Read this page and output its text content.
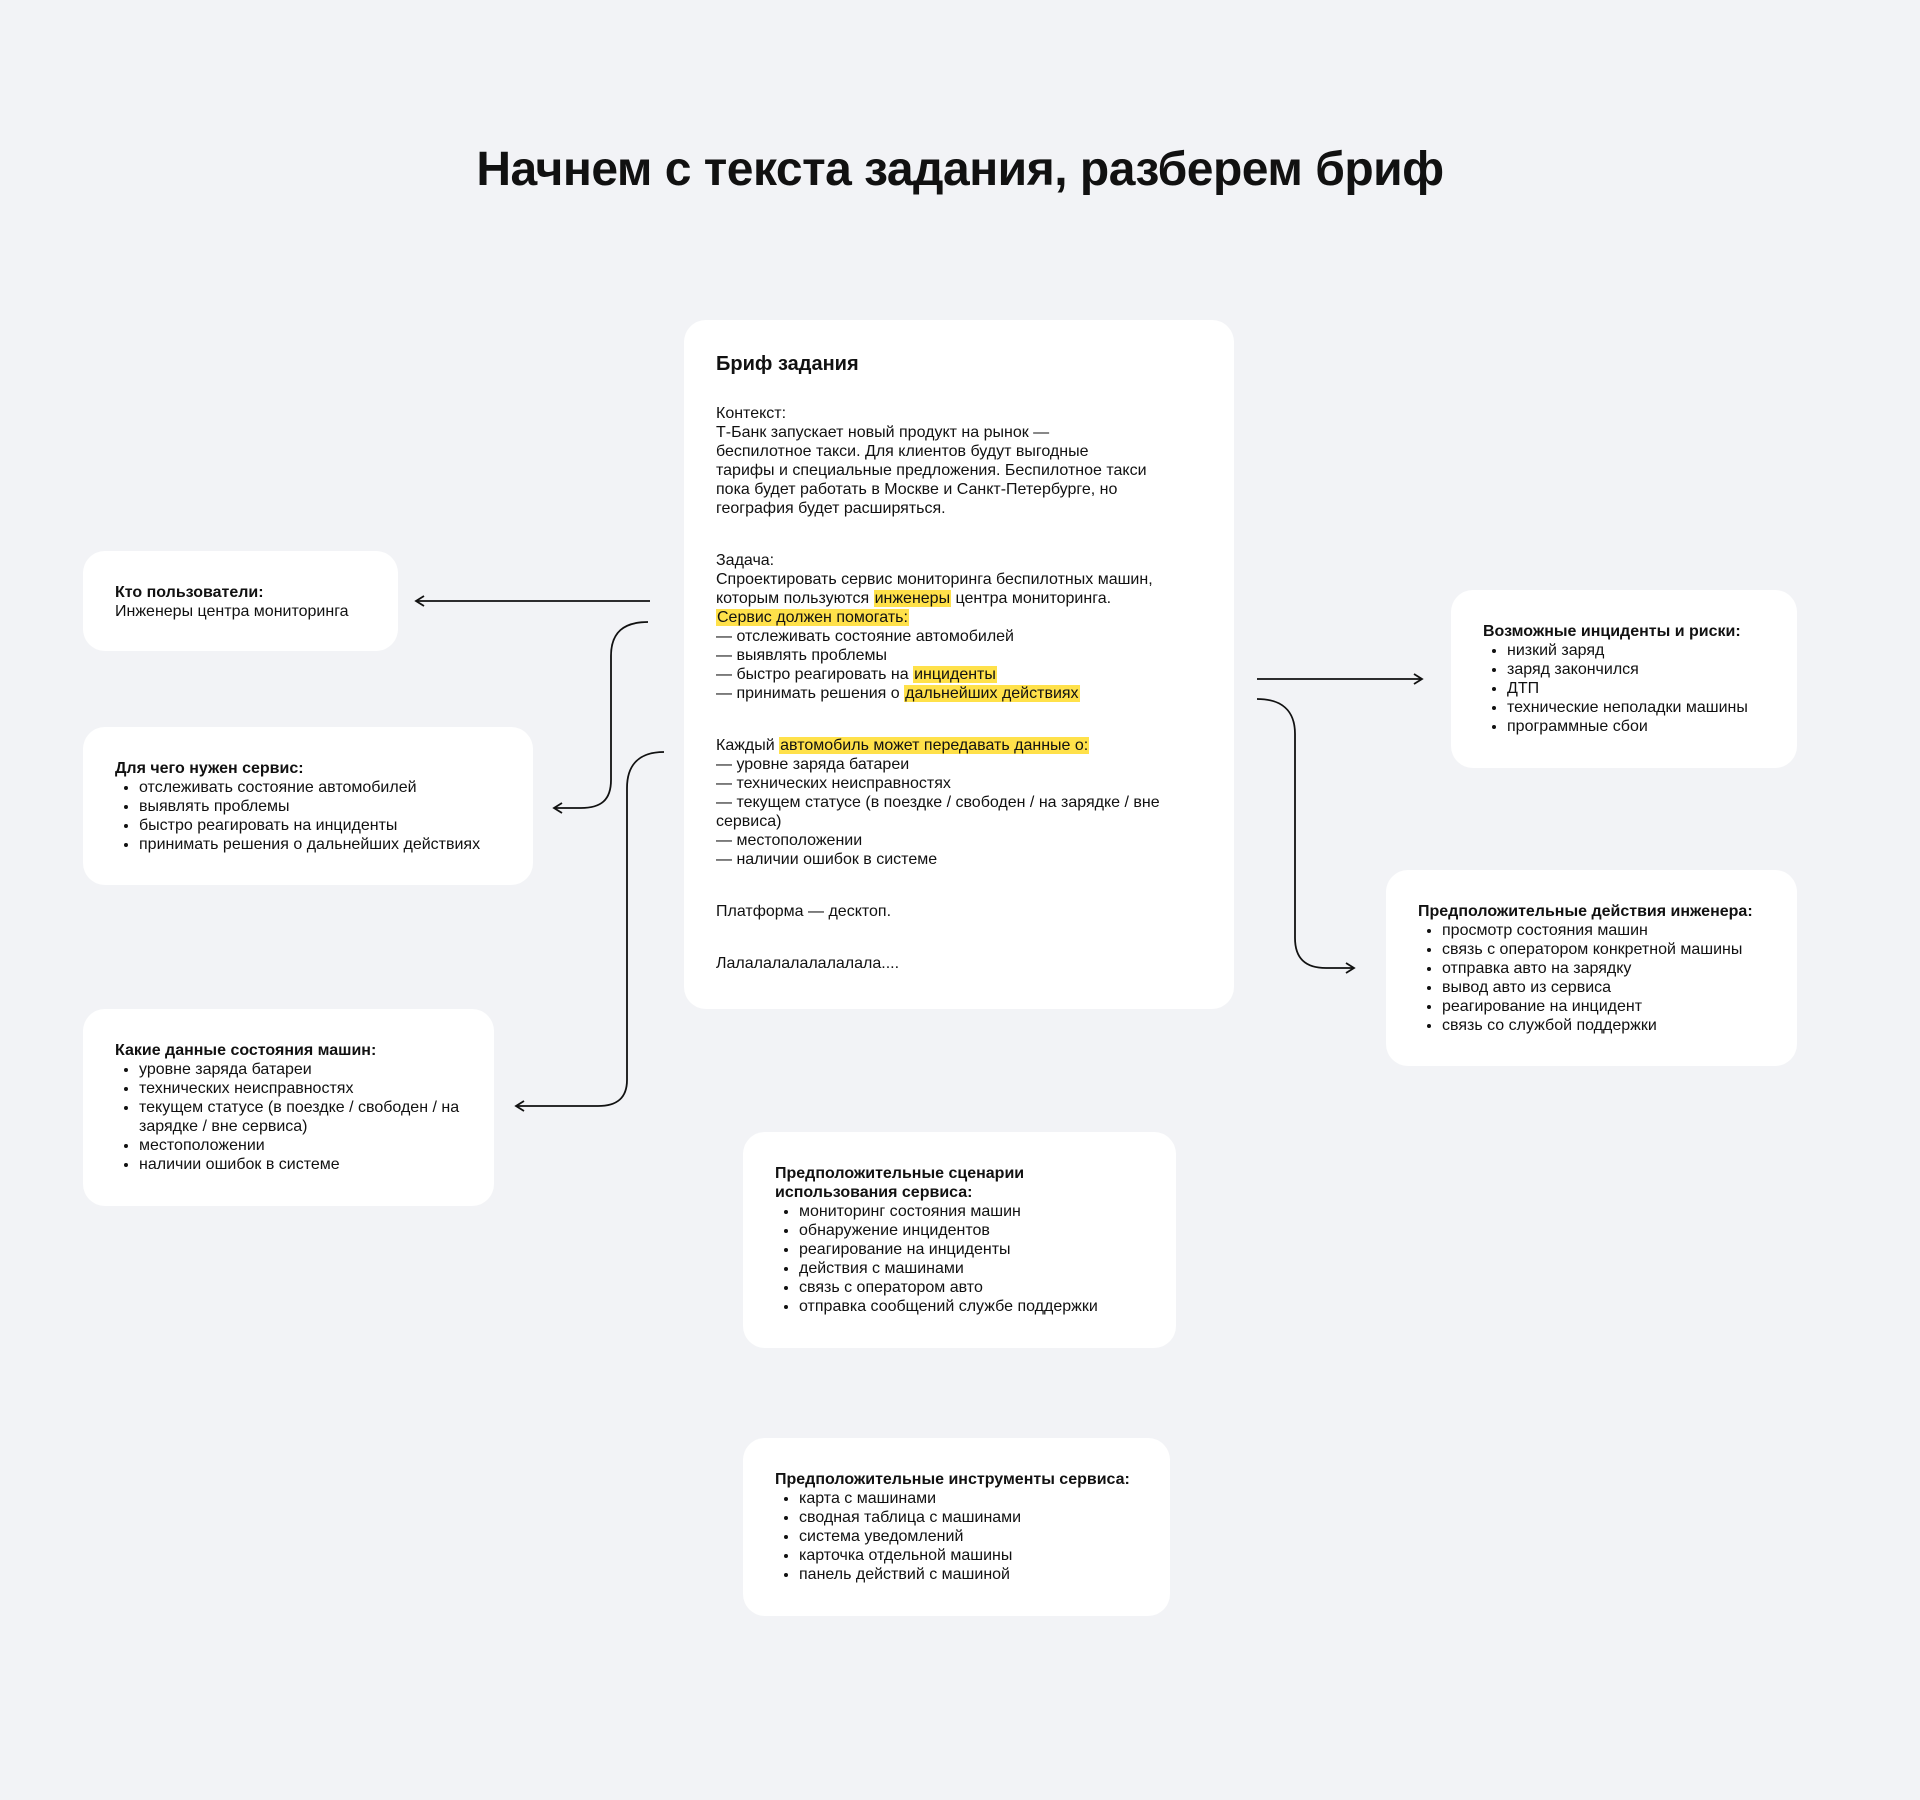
Начнем с текста задания, разберем бриф
Бриф задания
Контекст:
Т-Банк запускает новый продукт на рынок —
беспилотное такси. Для клиентов будут выгодные
тарифы и специальные предложения. Беспилотное такси
пока будет работать в Москве и Санкт-Петербурге, но
география будет расширяться.
Задача:
Спроектировать сервис мониторинга беспилотных машин,
которым пользуются инженеры центра мониторинга.
Сервис должен помогать:
— отслеживать состояние автомобилей
— выявлять проблемы
— быстро реагировать на инциденты
— принимать решения о дальнейших действиях
Каждый автомобиль может передавать данные о:
— уровне заряда батареи
— технических неисправностях
— текущем статусе (в поездке / свободен / на зарядке / вне
сервиса)
— местоположении
— наличии ошибок в системе
Платформа — десктоп.
Лалалалалалалалала....
Кто пользователи:
Инженеры центра мониторинга
Для чего нужен сервис:
• отслеживать состояние автомобилей
• выявлять проблемы
• быстро реагировать на инциденты
• принимать решения о дальнейших действиях
Какие данные состояния машин:
• уровне заряда батареи
• технических неисправностях
• текущем статусе (в поездке / свободен / на зарядке / вне сервиса)
• местоположении
• наличии ошибок в системе
Возможные инциденты и риски:
• низкий заряд
• заряд закончился
• ДТП
• технические неполадки машины
• программные сбои
Предположительные действия инженера:
• просмотр состояния машин
• связь с оператором конкретной машины
• отправка авто на зарядку
• вывод авто из сервиса
• реагирование на инцидент
• связь со службой поддержки
Предположительные сценарии использования сервиса:
• мониторинг состояния машин
• обнаружение инцидентов
• реагирование на инциденты
• действия с машинами
• связь с оператором авто
• отправка сообщений службе поддержки
Предположительные инструменты сервиса:
• карта с машинами
• сводная таблица с машинами
• система уведомлений
• карточка отдельной машины
• панель действий с машиной
